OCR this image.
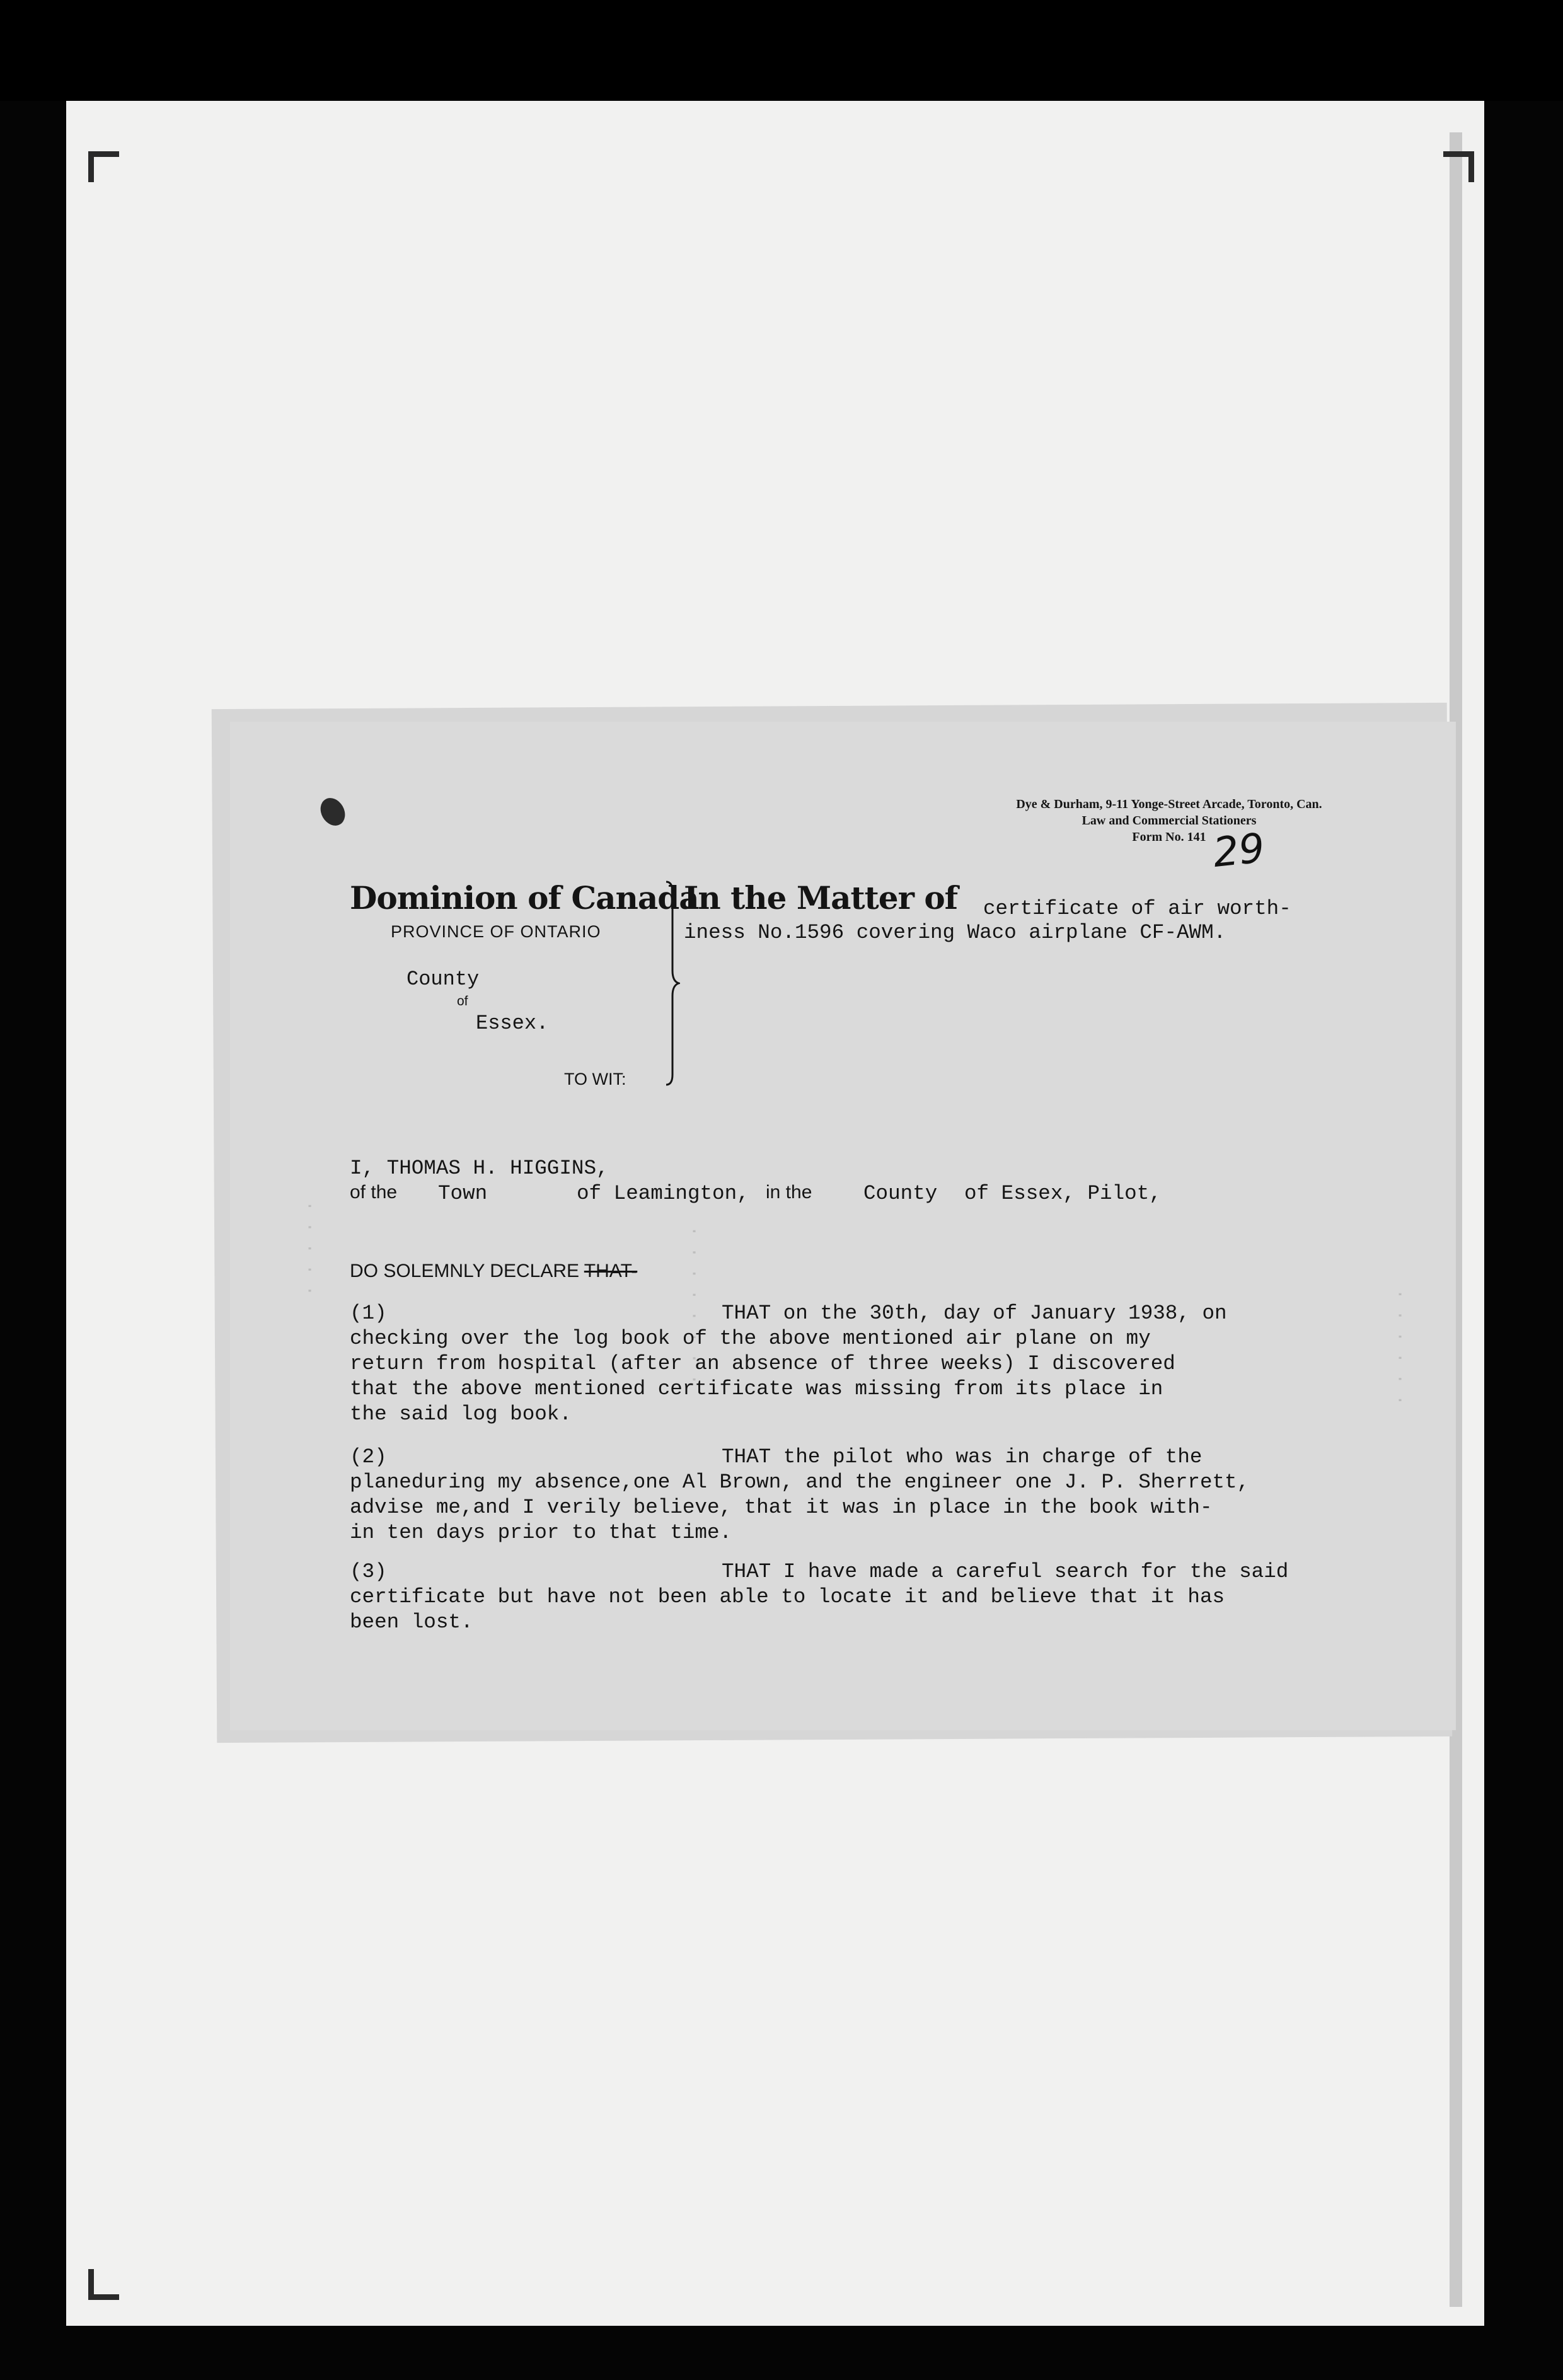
· · · · ·	· · · · · · · ·	· · · · · ·
Dye & Durham, 9-11 Yonge-Street Arcade, Toronto, Can.
Law and Commercial Stationers
Form No. 141 29
Dominion of Canada
PROVINCE OF ONTARIO
County
of
Essex.
TO WIT:
In the Matter of certificate of air worth-
iness No.1596 covering Waco airplane CF-AWM.
I, THOMAS H. HIGGINS,
of the Town	of Leamington, in the	County of Essex, Pilot,
DO SOLEMNLY DECLARE THAT-
(1)	THAT on the 30th, day of January 1938, on
checking over the log book of the above mentioned air plane on my
return from hospital (after an absence of three weeks) I discovered
that the above mentioned certificate was missing from its place in
the said log book.
(2)	THAT the pilot who was in charge of the
planeduring my absence,one Al Brown, and the engineer one J. P. Sherrett,
advise me,and I verily believe, that it was in place in the book with-
in ten days prior to that time.
(3)	THAT I have made a careful search for the said
certificate but have not been able to locate it and believe that it has
been lost.
